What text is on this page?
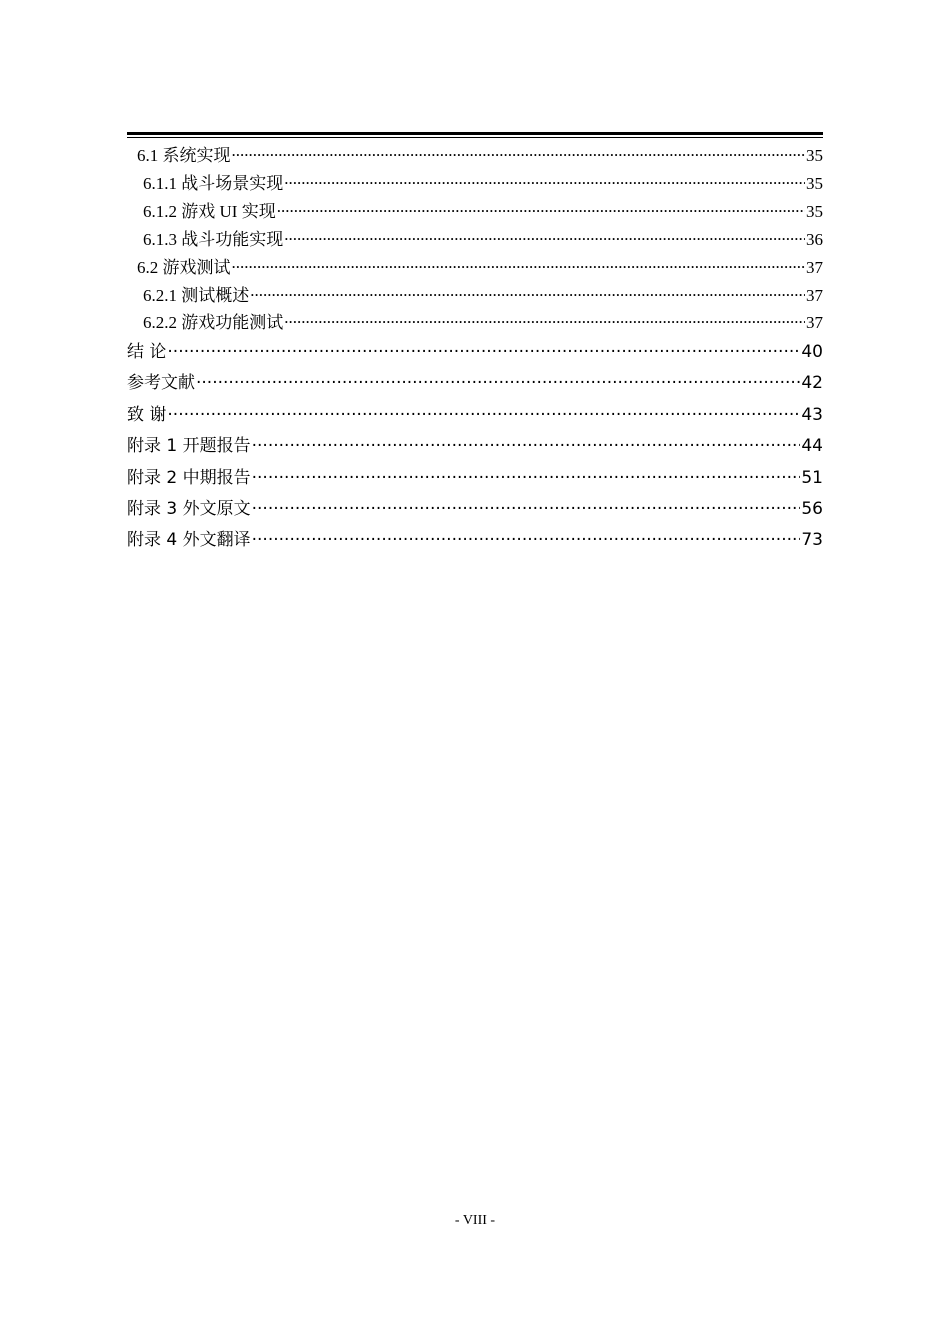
6.1 系统实现 .....	35
6.1.1 战斗场景实现 .....	35
6.1.2 游戏 UI 实现 .....	35
6.1.3 战斗功能实现 .....	36
6.2 游戏测试 .....	37
6.2.1 测试概述 .....	37
6.2.2 游戏功能测试 .....	37
结 论 .....	40
参考文献 .....	42
致 谢 .....	43
附录 1 开题报告 .....	44
附录 2 中期报告 .....	51
附录 3 外文原文 .....	56
附录 4 外文翻译 .....	73
- VIII -
